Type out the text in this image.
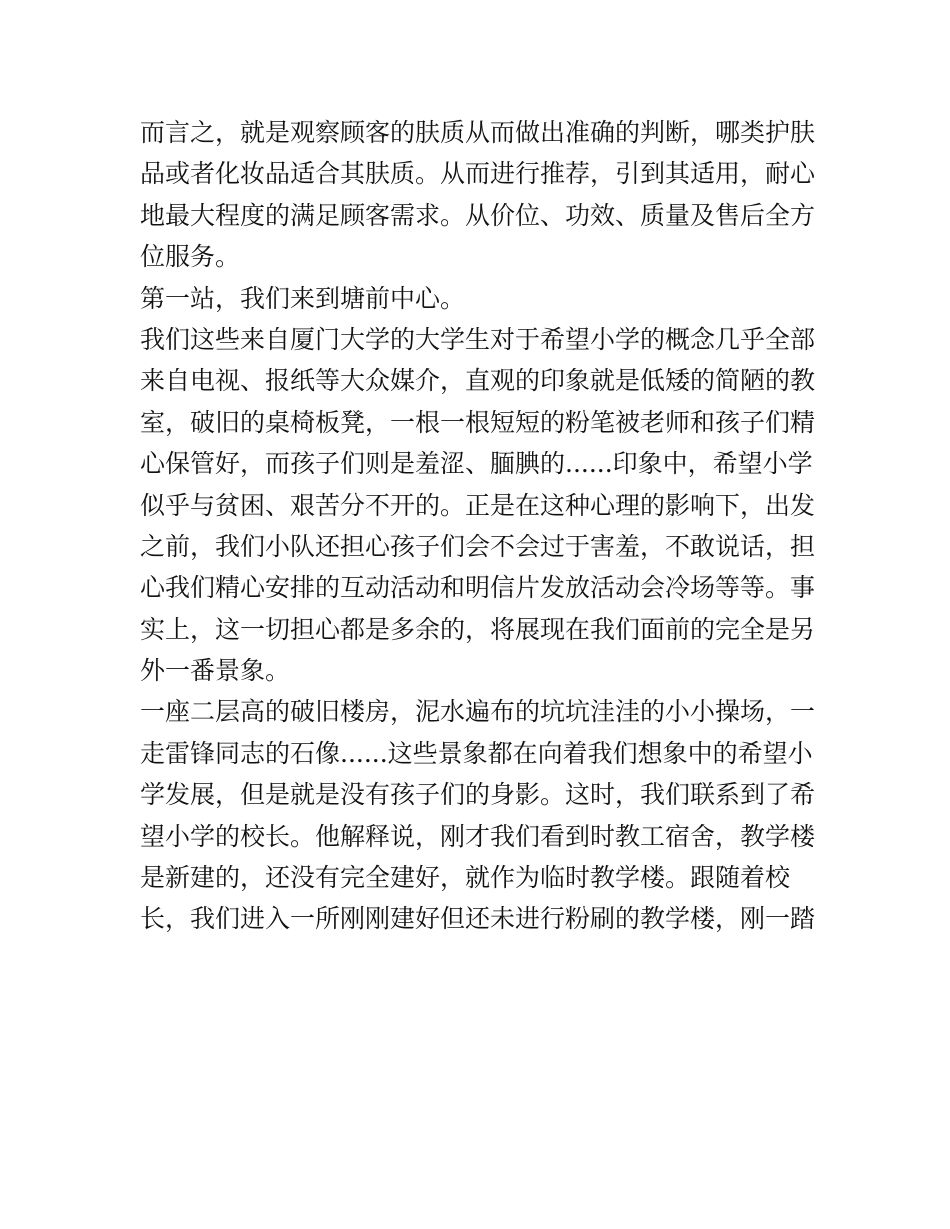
而言之，就是观察顾客的肤质从而做出准确的判断，哪类护肤
品或者化妆品适合其肤质。从而进行推荐，引到其适用，耐心
地最大程度的满足顾客需求。从价位、功效、质量及售后全方
位服务。
第一站，我们来到塘前中心。
我们这些来自厦门大学的大学生对于希望小学的概念几乎全部
来自电视、报纸等大众媒介，直观的印象就是低矮的简陋的教
室，破旧的桌椅板凳，一根一根短短的粉笔被老师和孩子们精
心保管好，而孩子们则是羞涩、腼腆的......印象中，希望小学
似乎与贫困、艰苦分不开的。正是在这种心理的影响下，出发
之前，我们小队还担心孩子们会不会过于害羞，不敢说话，担
心我们精心安排的互动活动和明信片发放活动会冷场等等。事
实上，这一切担心都是多余的，将展现在我们面前的完全是另
外一番景象。
一座二层高的破旧楼房，泥水遍布的坑坑洼洼的小小操场，一
走雷锋同志的石像......这些景象都在向着我们想象中的希望小
学发展，但是就是没有孩子们的身影。这时，我们联系到了希
望小学的校长。他解释说，刚才我们看到时教工宿舍，教学楼
是新建的，还没有完全建好，就作为临时教学楼。跟随着校
长，我们进入一所刚刚建好但还未进行粉刷的教学楼，刚一踏
